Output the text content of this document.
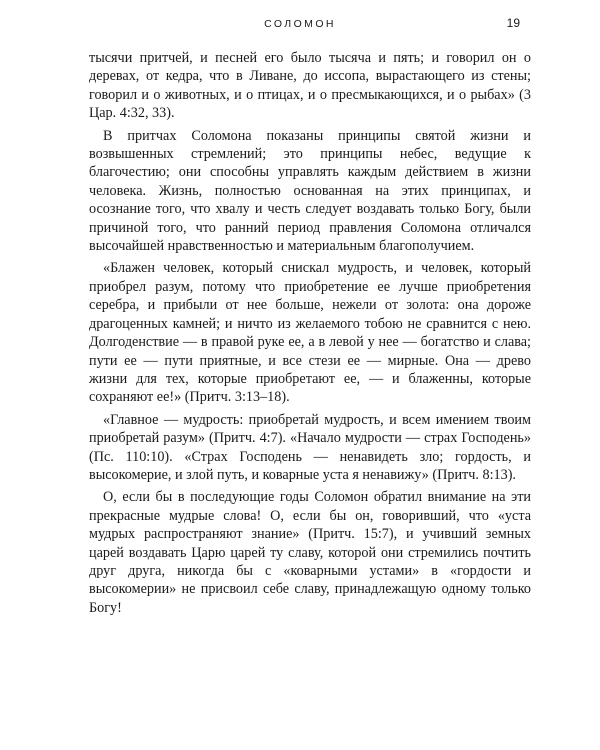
СОЛОМОН	19

тысячи притчей, и песней его было тысяча и пять; и говорил он о деревах, от кедра, что в Ливане, до иссопа, вырастающего из стены; говорил и о животных, и о птицах, и о пресмыкающихся, и о рыбах» (3 Цар. 4:32, 33).

В притчах Соломона показаны принципы святой жизни и возвышенных стремлений; это принципы небес, ведущие к благочестию; они способны управлять каждым действием в жизни человека. Жизнь, полностью основанная на этих принципах, и осознание того, что хвалу и честь следует воздавать только Богу, были причиной того, что ранний период правления Соломона отличался высочайшей нравственностью и материальным благополучием.

«Блажен человек, который снискал мудрость, и человек, который приобрел разум, потому что приобретение ее лучше приобретения серебра, и прибыли от нее больше, нежели от золота: она дороже драгоценных камней; и ничто из желаемого тобою не сравнится с нею. Долгоденствие — в правой руке ее, а в левой у нее — богатство и слава; пути ее — пути приятные, и все стези ее — мирные. Она — древо жизни для тех, которые приобретают ее, — и блаженны, которые сохраняют ее!» (Притч. 3:13–18).

«Главное — мудрость: приобретай мудрость, и всем имением твоим приобретай разум» (Притч. 4:7). «Начало мудрости — страх Господень» (Пс. 110:10). «Страх Господень — ненавидеть зло; гордость, и высокомерие, и злой путь, и коварные уста я ненавижу» (Притч. 8:13).

О, если бы в последующие годы Соломон обратил внимание на эти прекрасные мудрые слова! О, если бы он, говоривший, что «уста мудрых распространяют знание» (Притч. 15:7), и учивший земных царей воздавать Царю царей ту славу, которой они стремились почтить друг друга, никогда бы с «коварными устами» в «гордости и высокомерии» не присвоил себе славу, принадлежащую одному только Богу!
